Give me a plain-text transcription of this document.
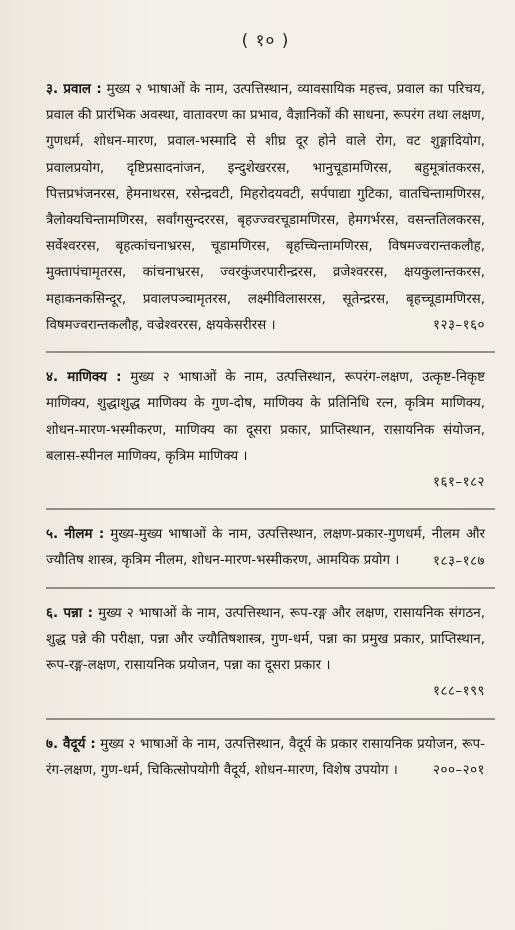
( १० )

३. प्रवाल : मुख्य २ भाषाओं के नाम, उत्पत्तिस्थान, व्यावसायिक महत्त्व, प्रवाल का परिचय, प्रवाल की प्रारंभिक अवस्था, वातावरण का प्रभाव, वैज्ञानिकों की साधना, रूपरंग तथा लक्षण, गुणधर्म, शोधन-मारण, प्रवाल-भस्मादि से शीघ्र दूर होने वाले रोग, वट शुङ्गादियोग, प्रवालप्रयोग, दृष्टिप्रसादनांजन, इन्दुशेखररस, भानुचूडामणिरस, बहुमूत्रांतकरस, पित्तप्रभंजनरस, हेमनाथरस, रसेन्द्रवटी, मिहरोदयवटी, सर्पपाद्या गुटिका, वातचिन्तामणिरस, त्रैलोक्यचिन्तामणिरस, सर्वांगसुन्दररस, बृहज्ज्वरचूडामणिरस, हेमगर्भरस, वसन्ततिलकरस, सर्वेश्वररस, बृहत्कांचनाभ्ररस, चूडामणिरस, बृहच्चिन्तामणिरस, विषमज्वरान्तकलौह, मुक्तापंचामृतरस, कांचनाभ्ररस, ज्वरकुंजरपारीन्द्ररस, व्रजेश्वररस, क्षयकुलान्तकरस, महाकनकसिन्दूर, प्रवालपञ्चामृतरस, लक्ष्मीविलासरस, सूतेन्द्ररस, बृहच्चूडामणिरस, विषमज्वरान्तकलौह, वज्रेश्वररस, क्षयकेसरीरस ।	१२३–१६०

४. माणिक्य : मुख्य २ भाषाओं के नाम, उत्पत्तिस्थान, रूपरंग-लक्षण, उत्कृष्ट-निकृष्ट माणिक्य, शुद्धाशुद्ध माणिक्य के गुण-दोष, माणिक्य के प्रतिनिधि रत्न, कृत्रिम माणिक्य, शोधन-मारण-भस्मीकरण, माणिक्य का दूसरा प्रकार, प्राप्तिस्थान, रासायनिक संयोजन, बलास-स्पीनल माणिक्य, कृत्रिम माणिक्य ।

१६१–१८२

५. नीलम : मुख्य-मुख्य भाषाओं के नाम, उत्पत्तिस्थान, लक्षण-प्रकार-गुणधर्म, नीलम और ज्यौतिष शास्त्र, कृत्रिम नीलम, शोधन-मारण-भस्मीकरण, आमयिक प्रयोग ।	१८३–१८७

६. पन्ना : मुख्य २ भाषाओं के नाम, उत्पत्तिस्थान, रूप-रङ्ग और लक्षण, रासायनिक संगठन, शुद्ध पन्ने की परीक्षा, पन्ना और ज्यौतिषशास्त्र, गुण-धर्म, पन्ना का प्रमुख प्रकार, प्राप्तिस्थान, रूप-रङ्ग-लक्षण, रासायनिक प्रयोजन, पन्ना का दूसरा प्रकार ।

१८८–१९९

७. वैदूर्य : मुख्य २ भाषाओं के नाम, उत्पत्तिस्थान, वैदूर्य के प्रकार रासायनिक प्रयोजन, रूप-रंग-लक्षण, गुण-धर्म, चिकित्सोपयोगी वैदूर्य, शोधन-मारण, विशेष उपयोग ।	२००–२०१
